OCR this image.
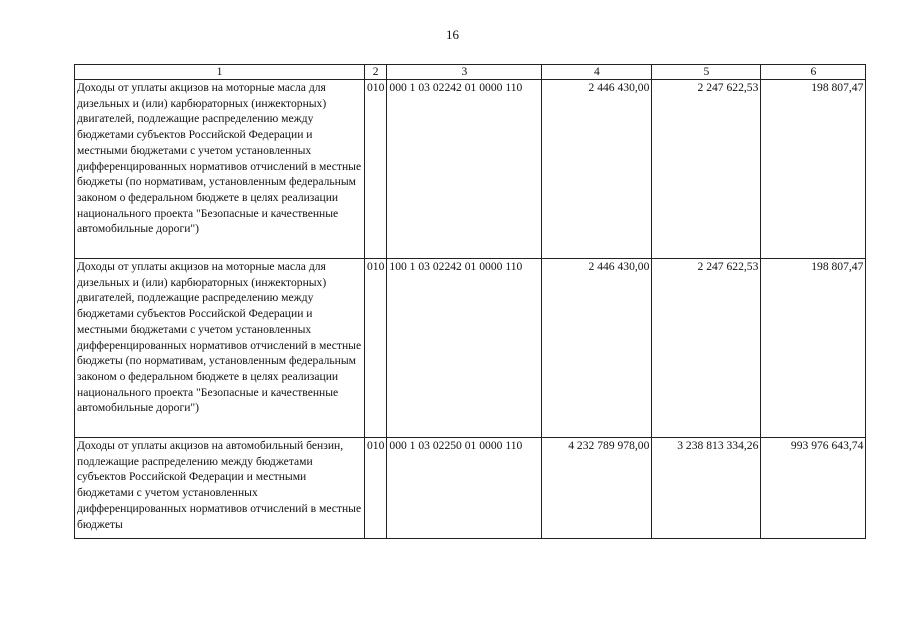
16
1	2	3	4	5	6
Доходы от уплаты акцизов на моторные масла для дизельных и (или) карбюраторных (инжекторных) двигателей, подлежащие распределению между бюджетами субъектов Российской Федерации и местными бюджетами с учетом установленных дифференцированных нормативов отчислений в местные бюджеты (по нормативам, установленным федеральным законом о федеральном бюджете в целях реализации национального проекта "Безопасные и качественные автомобильные дороги")	010	000 1 03 02242 01 0000 110	2 446 430,00	2 247 622,53	198 807,47
Доходы от уплаты акцизов на моторные масла для дизельных и (или) карбюраторных (инжекторных) двигателей, подлежащие распределению между бюджетами субъектов Российской Федерации и местными бюджетами с учетом установленных дифференцированных нормативов отчислений в местные бюджеты (по нормативам, установленным федеральным законом о федеральном бюджете в целях реализации национального проекта "Безопасные и качественные автомобильные дороги")	010	100 1 03 02242 01 0000 110	2 446 430,00	2 247 622,53	198 807,47
Доходы от уплаты акцизов на автомобильный бензин, подлежащие распределению между бюджетами субъектов Российской Федерации и местными бюджетами с учетом установленных дифференцированных нормативов отчислений в местные бюджеты	010	000 1 03 02250 01 0000 110	4 232 789 978,00	3 238 813 334,26	993 976 643,74
